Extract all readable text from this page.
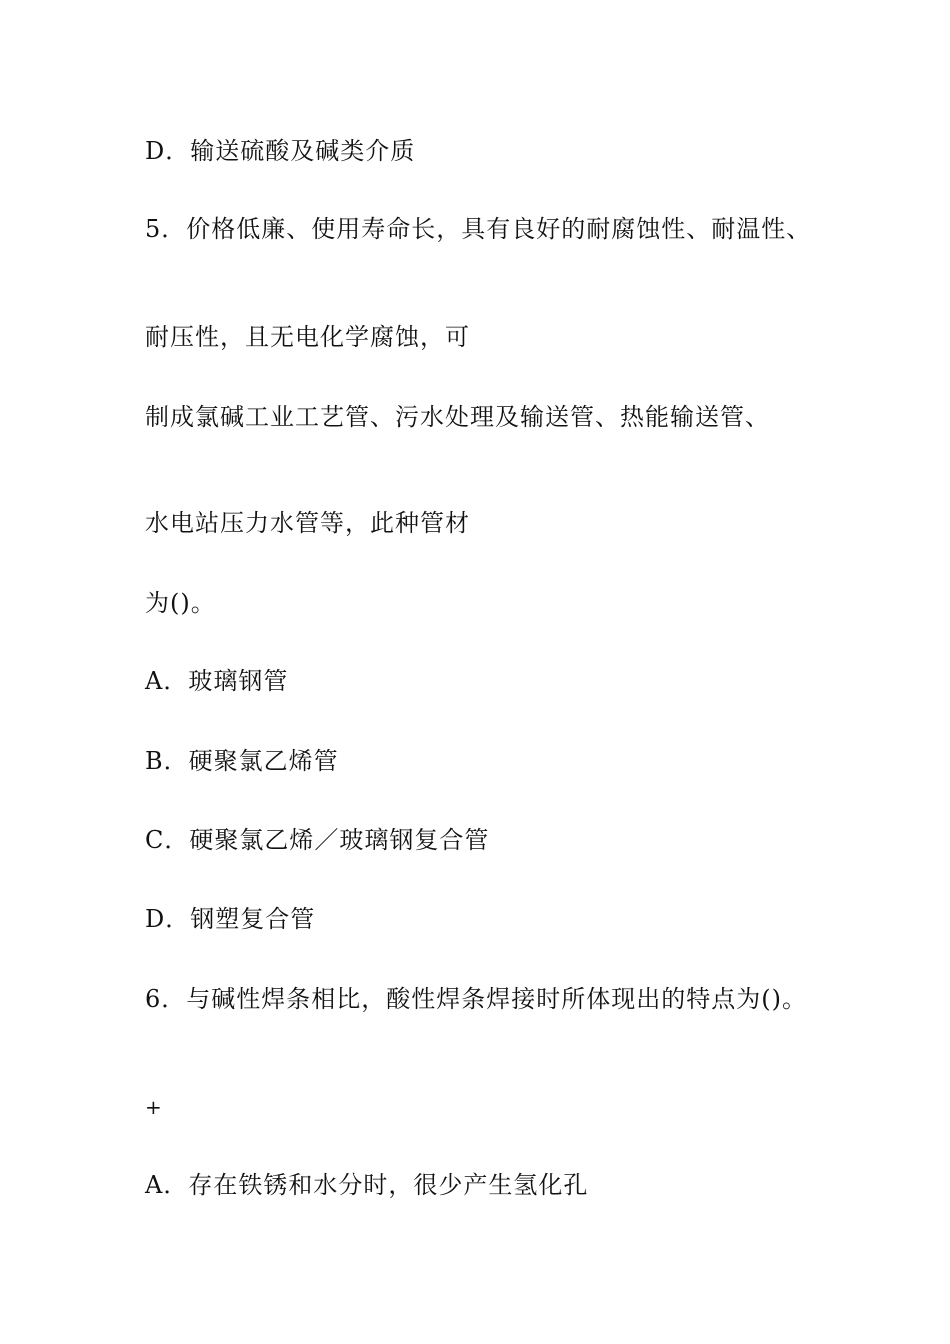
D．输送硫酸及碱类介质
5．价格低廉、使用寿命长，具有良好的耐腐蚀性、耐温性、
耐压性，且无电化学腐蚀，可
制成氯碱工业工艺管、污水处理及输送管、热能输送管、
水电站压力水管等，此种管材
为()。
A．玻璃钢管
B．硬聚氯乙烯管
C．硬聚氯乙烯／玻璃钢复合管
D．钢塑复合管
6．与碱性焊条相比，酸性焊条焊接时所体现出的特点为()。
+
A．存在铁锈和水分时，很少产生氢化孔
